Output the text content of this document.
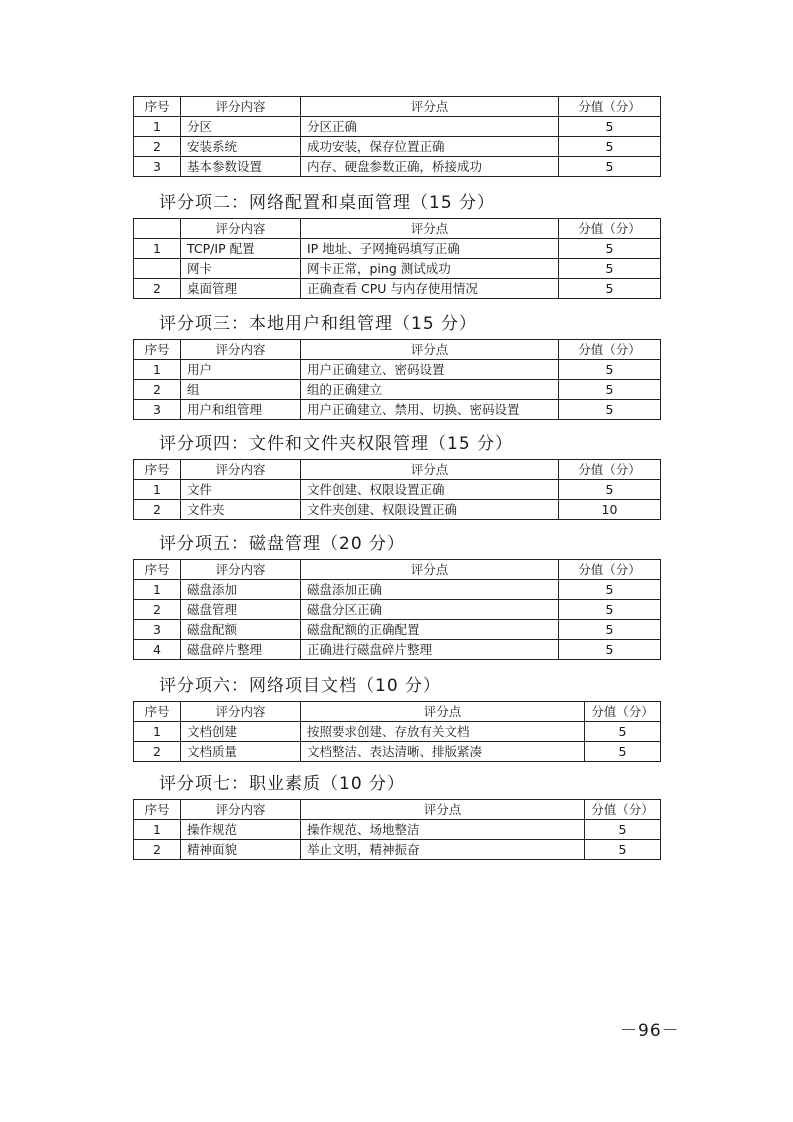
序号	评分内容	评分点	分值（分）
1	分区	分区正确	5
2	安装系统	成功安装，保存位置正确	5
3	基本参数设置	内存、硬盘参数正确，桥接成功	5
评分项二：网络配置和桌面管理（15 分）
	评分内容	评分点	分值（分）
1	TCP/IP 配置	IP 地址、子网掩码填写正确	5
	网卡	网卡正常，ping 测试成功	5
2	桌面管理	正确查看 CPU 与内存使用情况	5
评分项三：本地用户和组管理（15 分）
序号	评分内容	评分点	分值（分）
1	用户	用户正确建立、密码设置	5
2	组	组的正确建立	5
3	用户和组管理	用户正确建立、禁用、切换、密码设置	5
评分项四：文件和文件夹权限管理（15 分）
序号	评分内容	评分点	分值（分）
1	文件	文件创建、权限设置正确	5
2	文件夹	文件夹创建、权限设置正确	10
评分项五：磁盘管理（20 分）
序号	评分内容	评分点	分值（分）
1	磁盘添加	磁盘添加正确	5
2	磁盘管理	磁盘分区正确	5
3	磁盘配额	磁盘配额的正确配置	5
4	磁盘碎片整理	正确进行磁盘碎片整理	5
评分项六：网络项目文档（10 分）
序号	评分内容	评分点	分值（分）
1	文档创建	按照要求创建、存放有关文档	5
2	文档质量	文档整洁、表达清晰、排版紧凑	5
评分项七：职业素质（10 分）
序号	评分内容	评分点	分值（分）
1	操作规范	操作规范、场地整洁	5
2	精神面貌	举止文明，精神振奋	5
－96－
